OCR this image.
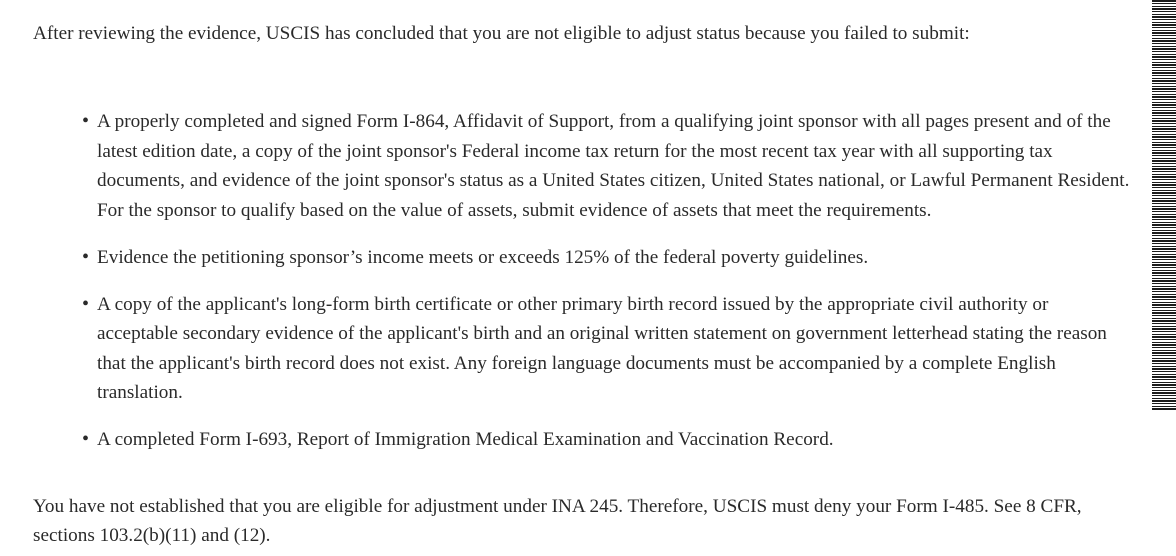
After reviewing the evidence, USCIS has concluded that you are not eligible to adjust status because you failed to submit:

• A properly completed and signed Form I-864, Affidavit of Support, from a qualifying joint sponsor with all pages present and of the latest edition date, a copy of the joint sponsor's Federal income tax return for the most recent tax year with all supporting tax documents, and evidence of the joint sponsor's status as a United States citizen, United States national, or Lawful Permanent Resident. For the sponsor to qualify based on the value of assets, submit evidence of assets that meet the requirements.
• Evidence the petitioning sponsor’s income meets or exceeds 125% of the federal poverty guidelines.
• A copy of the applicant's long-form birth certificate or other primary birth record issued by the appropriate civil authority or acceptable secondary evidence of the applicant's birth and an original written statement on government letterhead stating the reason that the applicant's birth record does not exist. Any foreign language documents must be accompanied by a complete English translation.
• A completed Form I-693, Report of Immigration Medical Examination and Vaccination Record.

You have not established that you are eligible for adjustment under INA 245. Therefore, USCIS must deny your Form I-485. See 8 CFR, sections 103.2(b)(11) and (12).
